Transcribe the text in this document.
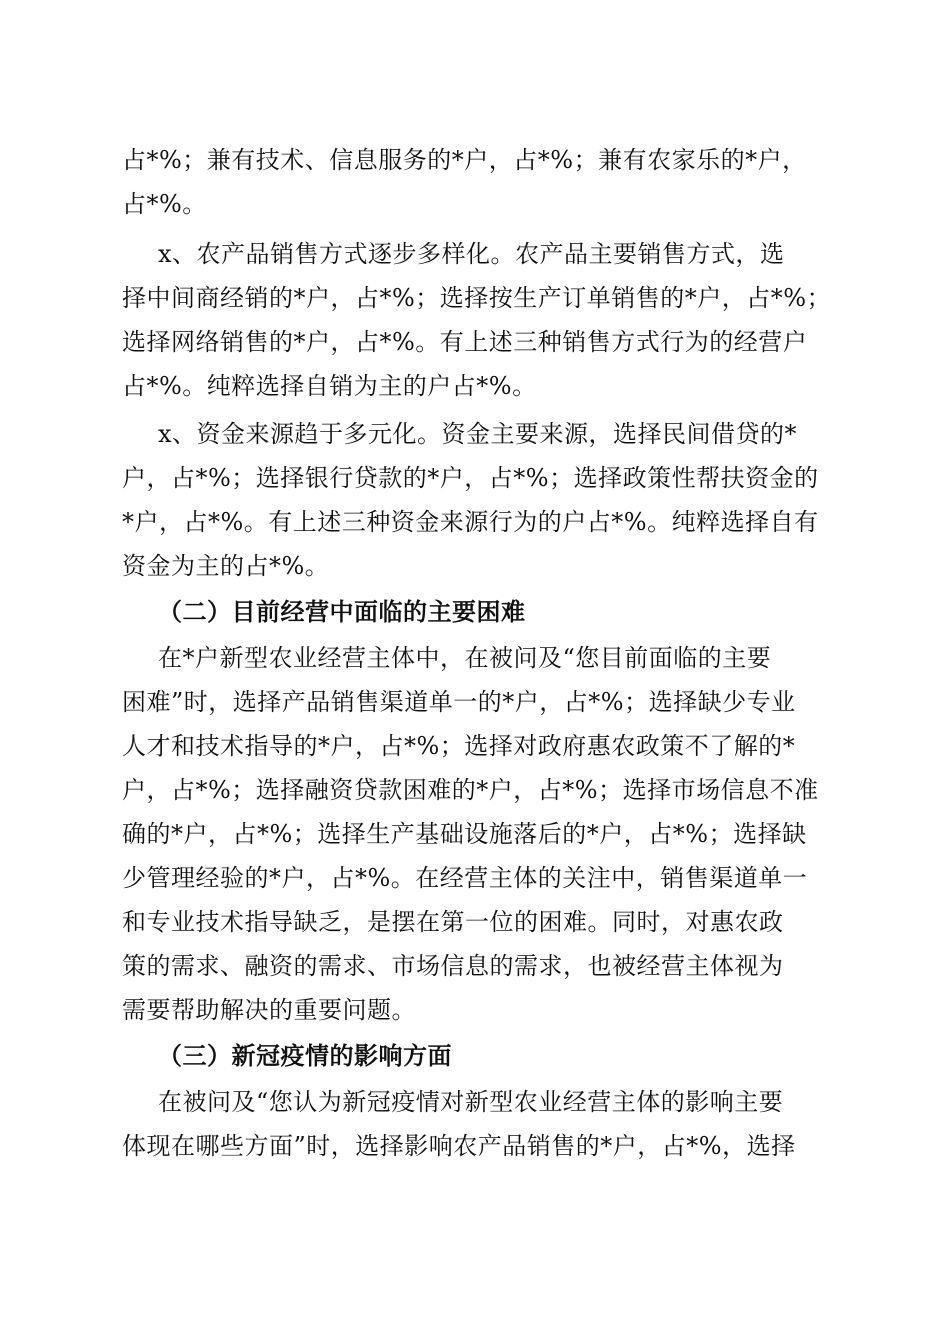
占*%；兼有技术、信息服务的*户，占*%；兼有农家乐的*户，
占*%。
x、农产品销售方式逐步多样化。农产品主要销售方式，选
择中间商经销的*户，占*%；选择按生产订单销售的*户，占*%；
选择网络销售的*户，占*%。有上述三种销售方式行为的经营户
占*%。纯粹选择自销为主的户占*%。
x、资金来源趋于多元化。资金主要来源，选择民间借贷的*
户，占*%；选择银行贷款的*户，占*%；选择政策性帮扶资金的
*户，占*%。有上述三种资金来源行为的户占*%。纯粹选择自有
资金为主的占*%。
（二）目前经营中面临的主要困难
在*户新型农业经营主体中，在被问及“您目前面临的主要
困难”时，选择产品销售渠道单一的*户，占*%；选择缺少专业
人才和技术指导的*户，占*%；选择对政府惠农政策不了解的*
户，占*%；选择融资贷款困难的*户，占*%；选择市场信息不准
确的*户，占*%；选择生产基础设施落后的*户，占*%；选择缺
少管理经验的*户，占*%。在经营主体的关注中，销售渠道单一
和专业技术指导缺乏，是摆在第一位的困难。同时，对惠农政
策的需求、融资的需求、市场信息的需求，也被经营主体视为
需要帮助解决的重要问题。
（三）新冠疫情的影响方面
在被问及“您认为新冠疫情对新型农业经营主体的影响主要
体现在哪些方面”时，选择影响农产品销售的*户，占*%，选择
